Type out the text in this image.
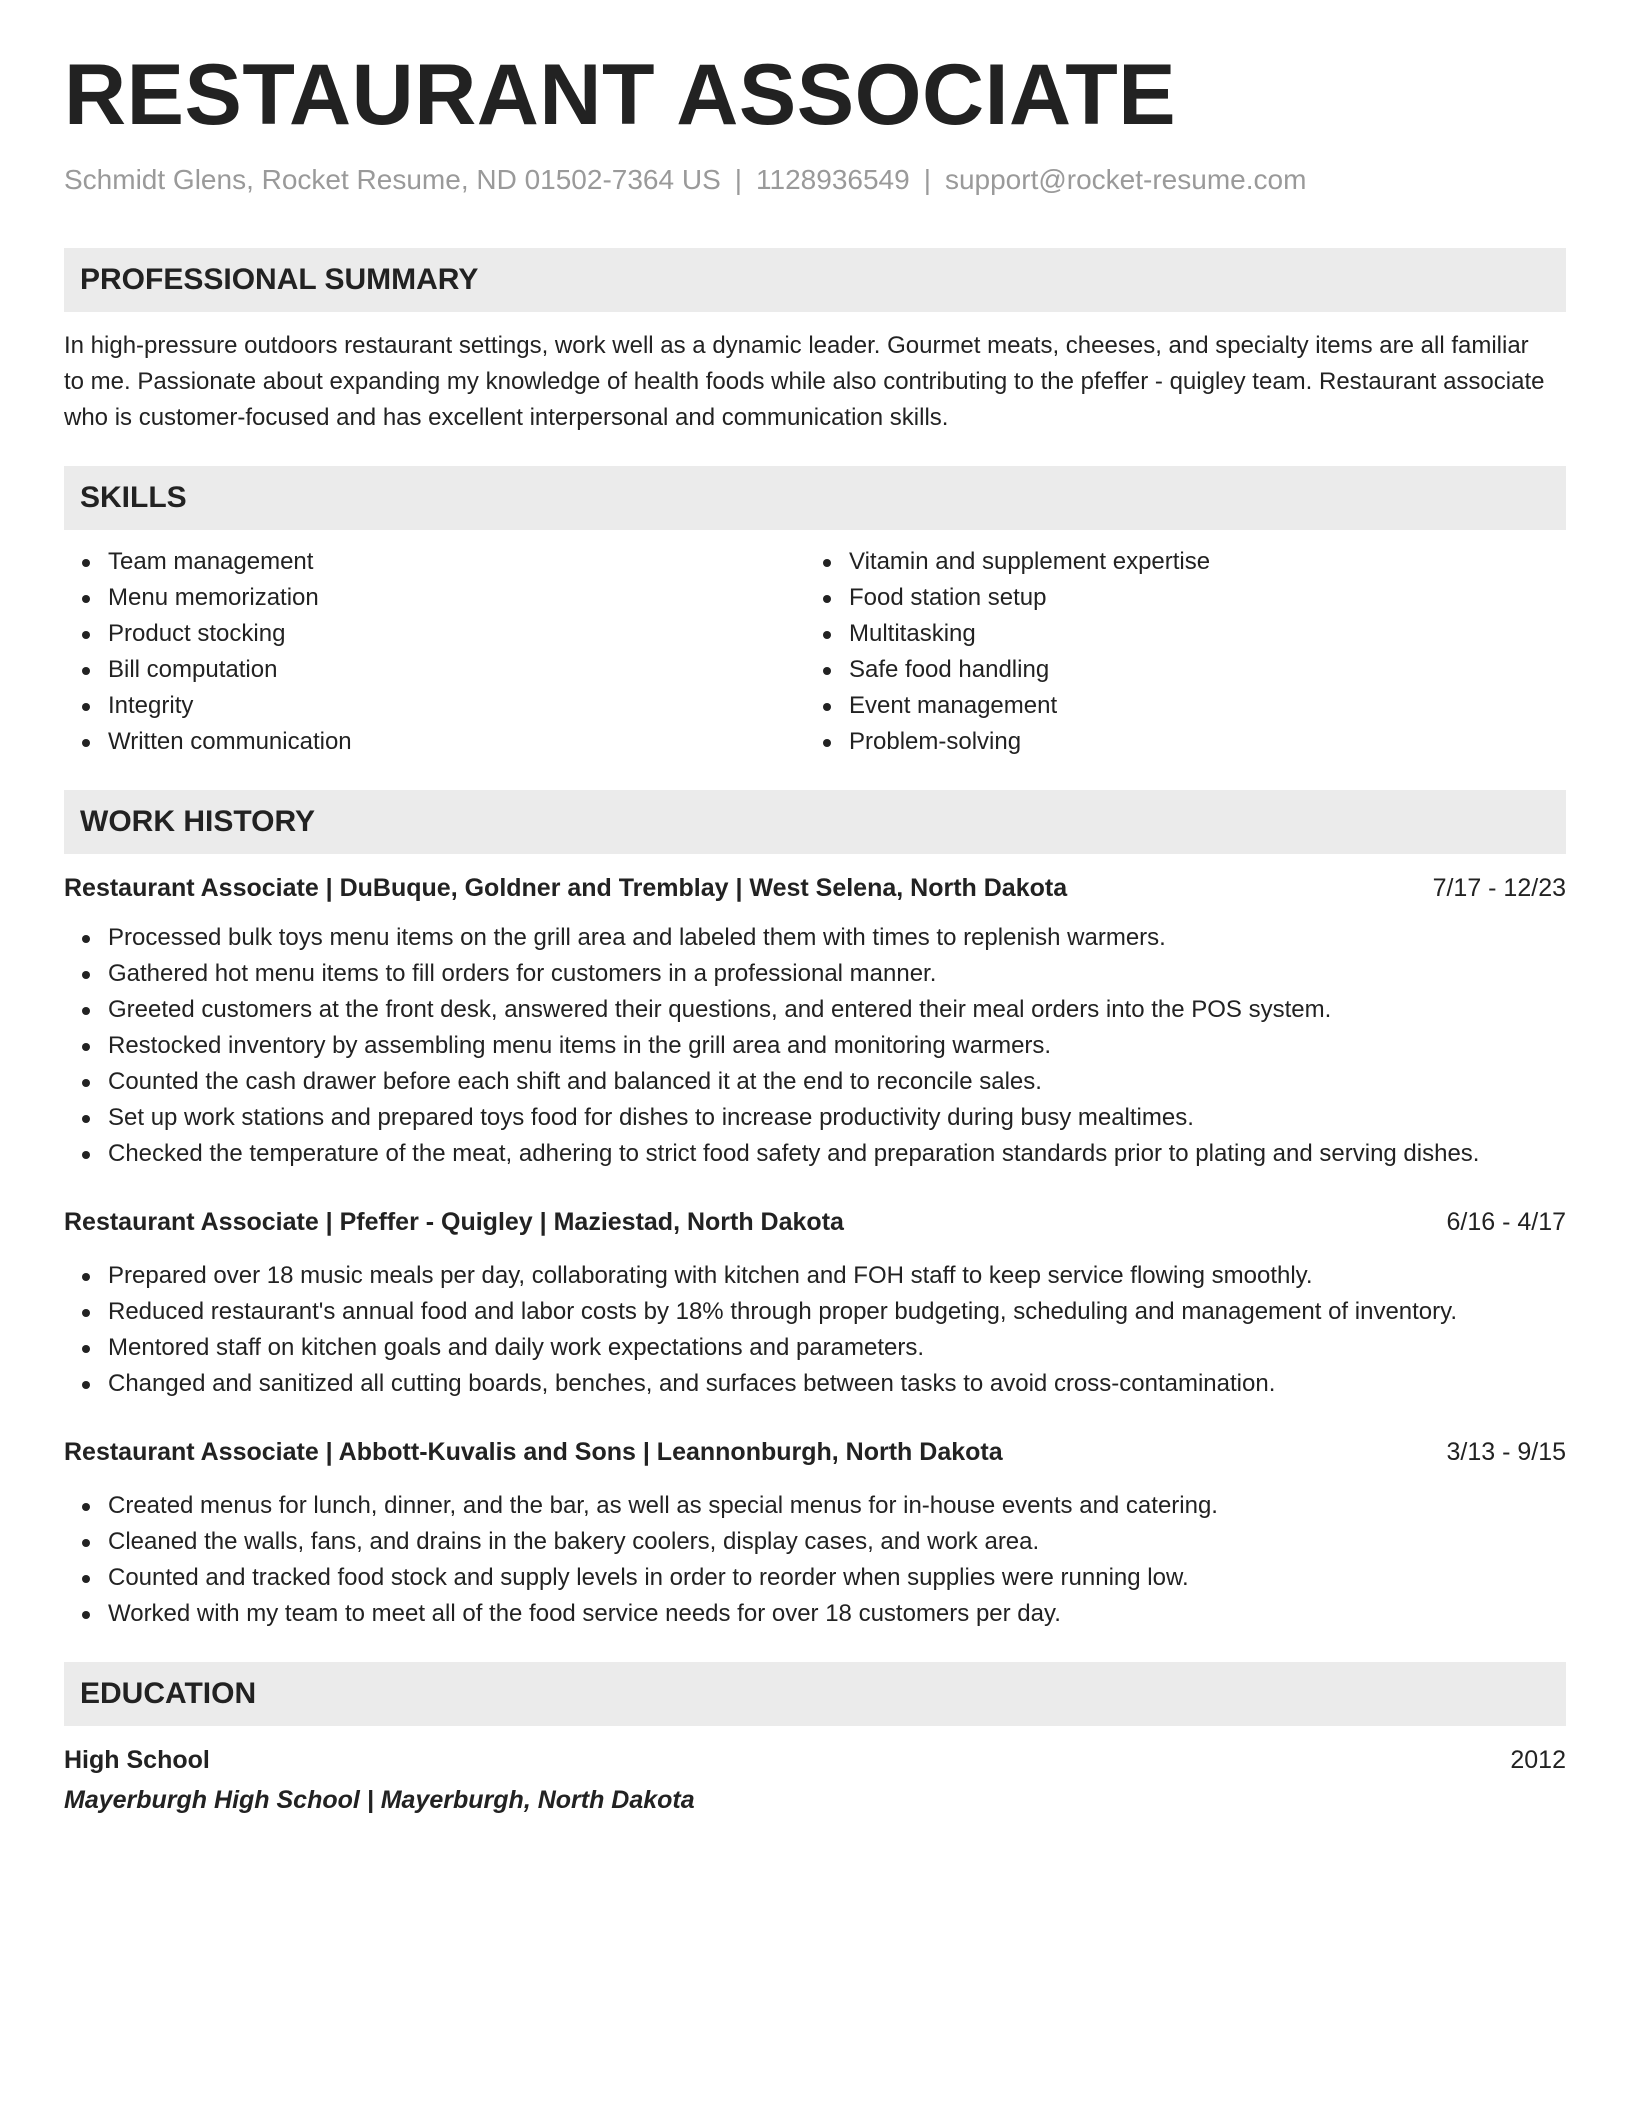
RESTAURANT ASSOCIATE
Schmidt Glens, Rocket Resume, ND 01502-7364 US | 1128936549 | support@rocket-resume.com
PROFESSIONAL SUMMARY

In high-pressure outdoors restaurant settings, work well as a dynamic leader. Gourmet meats, cheeses, and specialty items are all familiar to me. Passionate about expanding my knowledge of health foods while also contributing to the pfeffer - quigley team. Restaurant associate who is customer-focused and has excellent interpersonal and communication skills.

SKILLS
Team management
Menu memorization
Product stocking
Bill computation
Integrity
Written communication
Vitamin and supplement expertise
Food station setup
Multitasking
Safe food handling
Event management
Problem-solving
WORK HISTORY
Restaurant Associate | DuBuque, Goldner and Tremblay | West Selena, North Dakota	7/17 - 12/23
Processed bulk toys menu items on the grill area and labeled them with times to replenish warmers.
Gathered hot menu items to fill orders for customers in a professional manner.
Greeted customers at the front desk, answered their questions, and entered their meal orders into the POS system.
Restocked inventory by assembling menu items in the grill area and monitoring warmers.
Counted the cash drawer before each shift and balanced it at the end to reconcile sales.
Set up work stations and prepared toys food for dishes to increase productivity during busy mealtimes.
Checked the temperature of the meat, adhering to strict food safety and preparation standards prior to plating and serving dishes.
Restaurant Associate | Pfeffer - Quigley | Maziestad, North Dakota	6/16 - 4/17
Prepared over 18 music meals per day, collaborating with kitchen and FOH staff to keep service flowing smoothly.
Reduced restaurant's annual food and labor costs by 18% through proper budgeting, scheduling and management of inventory.
Mentored staff on kitchen goals and daily work expectations and parameters.
Changed and sanitized all cutting boards, benches, and surfaces between tasks to avoid cross-contamination.
Restaurant Associate | Abbott-Kuvalis and Sons | Leannonburgh, North Dakota	3/13 - 9/15
Created menus for lunch, dinner, and the bar, as well as special menus for in-house events and catering.
Cleaned the walls, fans, and drains in the bakery coolers, display cases, and work area.
Counted and tracked food stock and supply levels in order to reorder when supplies were running low.
Worked with my team to meet all of the food service needs for over 18 customers per day.
EDUCATION
High School	2012
Mayerburgh High School | Mayerburgh, North Dakota
